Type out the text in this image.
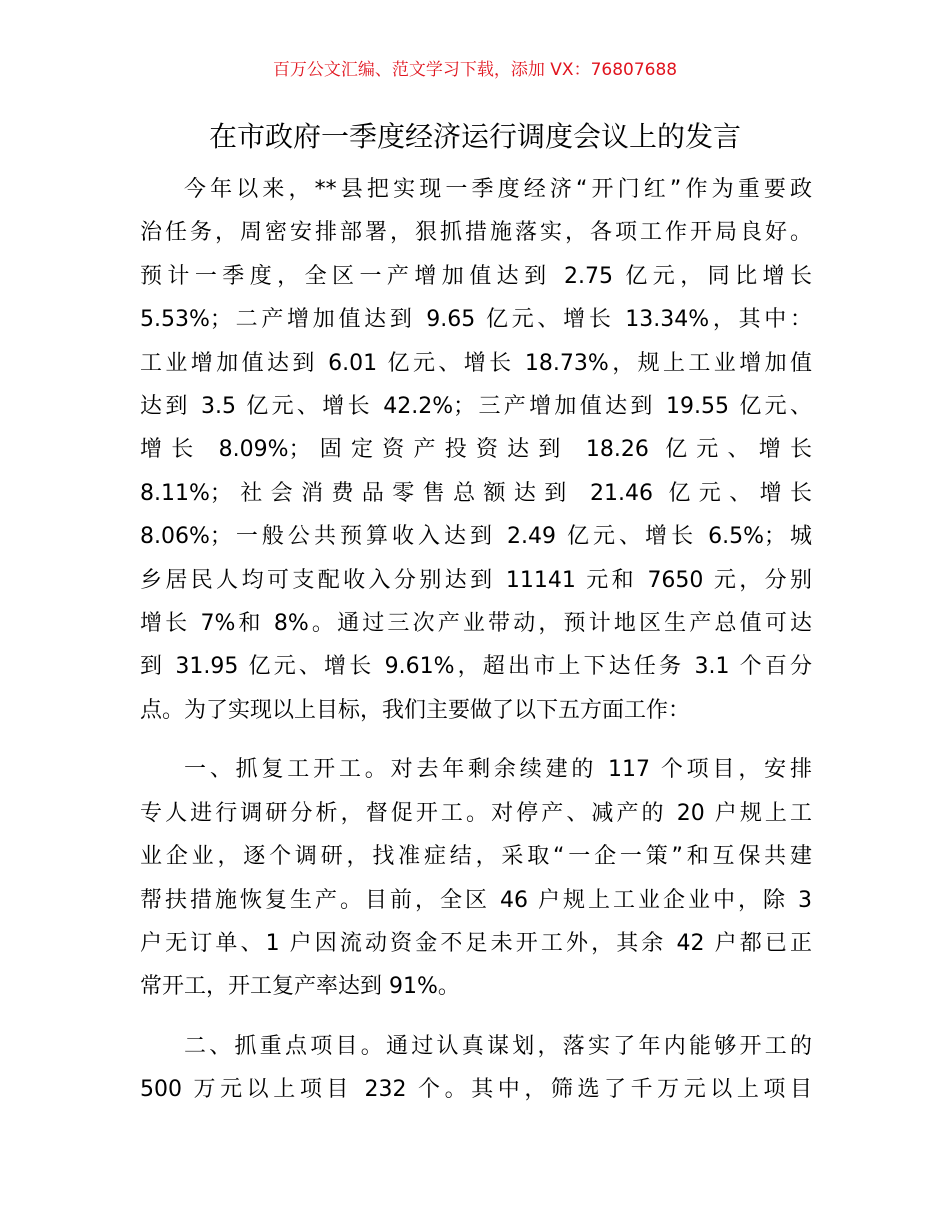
百万公文汇编、范文学习下载，添加 VX：76807688
在市政府一季度经济运行调度会议上的发言
今年以来，**县把实现一季度经济“开门红”作为重要政
治任务，周密安排部署，狠抓措施落实，各项工作开局良好。
预计一季度，全区一产增加值达到 2.75 亿元，同比增长
5.53%；二产增加值达到 9.65 亿元、增长 13.34%，其中：
工业增加值达到 6.01 亿元、增长 18.73%，规上工业增加值
达到 3.5 亿元、增长 42.2%；三产增加值达到 19.55 亿元、
增长 8.09%；固定资产投资达到 18.26 亿元、增长
8.11%；社会消费品零售总额达到 21.46 亿元、增长
8.06%；一般公共预算收入达到 2.49 亿元、增长 6.5%；城
乡居民人均可支配收入分别达到 11141 元和 7650 元，分别
增长 7%和 8%。通过三次产业带动，预计地区生产总值可达
到 31.95 亿元、增长 9.61%，超出市上下达任务 3.1 个百分
点。为了实现以上目标，我们主要做了以下五方面工作：
一、抓复工开工。对去年剩余续建的 117 个项目，安排
专人进行调研分析，督促开工。对停产、减产的 20 户规上工
业企业，逐个调研，找准症结，采取“一企一策”和互保共建
帮扶措施恢复生产。目前，全区 46 户规上工业企业中，除 3
户无订单、1 户因流动资金不足未开工外，其余 42 户都已正
常开工，开工复产率达到 91%。
二、抓重点项目。通过认真谋划，落实了年内能够开工的
500 万元以上项目 232 个。其中，筛选了千万元以上项目
